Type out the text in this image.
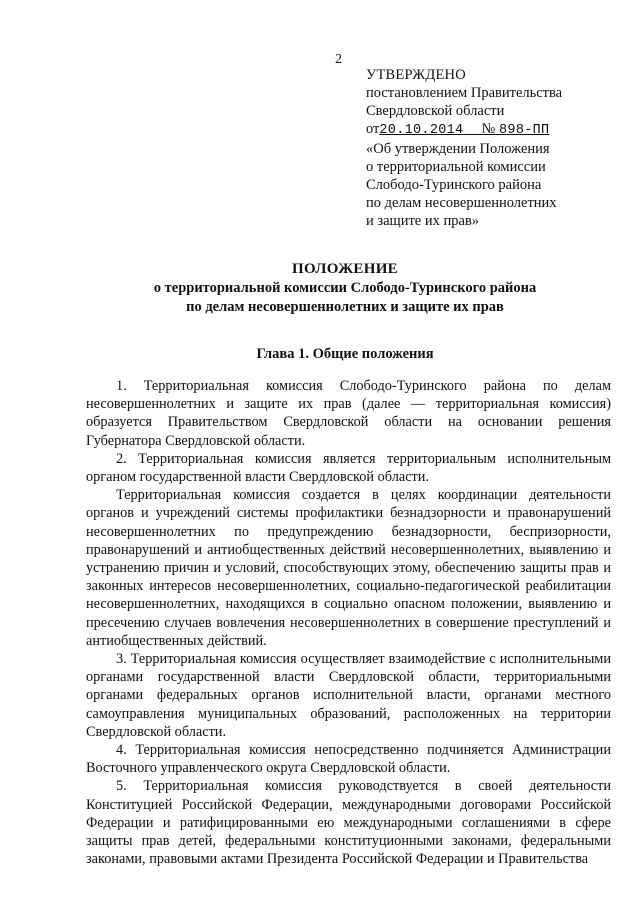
2
УТВЕРЖДЕНО
постановлением Правительства
Свердловской области
от20.10.2014 № 898-ПП
«Об утверждении Положения
о территориальной комиссии
Слободо-Туринского района
по делам несовершеннолетних
и защите их прав»
ПОЛОЖЕНИЕ
о территориальной комиссии Слободо-Туринского района
по делам несовершеннолетних и защите их прав
Глава 1. Общие положения

1. Территориальная комиссия Слободо-Туринского района по делам несовершеннолетних и защите их прав (далее — территориальная комиссия) образуется Правительством Свердловской области на основании решения Губернатора Свердловской области.

2. Территориальная комиссия является территориальным исполнительным органом государственной власти Свердловской области.

Территориальная комиссия создается в целях координации деятельности органов и учреждений системы профилактики безнадзорности и правонарушений несовершеннолетних по предупреждению безнадзорности, беспризорности, правонарушений и антиобщественных действий несовершеннолетних, выявлению и устранению причин и условий, способствующих этому, обеспечению защиты прав и законных интересов несовершеннолетних, социально-педагогической реабилитации несовершеннолетних, находящихся в социально опасном положении, выявлению и пресечению случаев вовлечения несовершеннолетних в совершение преступлений и антиобщественных действий.

3. Территориальная комиссия осуществляет взаимодействие с исполнительными органами государственной власти Свердловской области, территориальными органами федеральных органов исполнительной власти, органами местного самоуправления муниципальных образований, расположенных на территории Свердловской области.

4. Территориальная комиссия непосредственно подчиняется Администрации Восточного управленческого округа Свердловской области.

5. Территориальная комиссия руководствуется в своей деятельности Конституцией Российской Федерации, международными договорами Российской Федерации и ратифицированными ею международными соглашениями в сфере защиты прав детей, федеральными конституционными законами, федеральными законами, правовыми актами Президента Российской Федерации и Правительства
